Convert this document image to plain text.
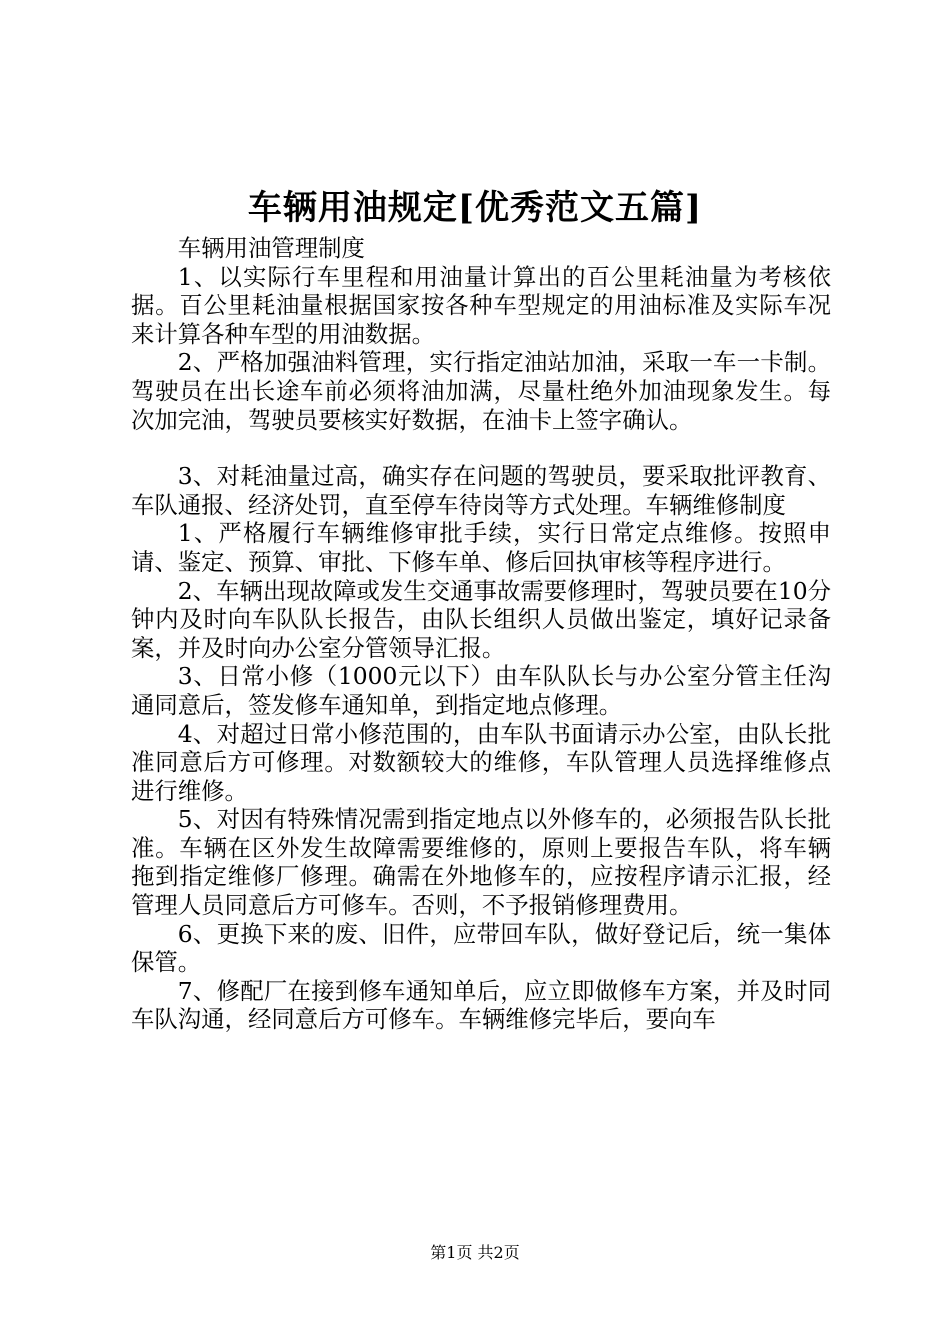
车辆用油规定[优秀范文五篇]

车辆用油管理制度

1、以实际行车里程和用油量计算出的百公里耗油量为考核依据。百公里耗油量根据国家按各种车型规定的用油标准及实际车况来计算各种车型的用油数据。

2、严格加强油料管理，实行指定油站加油，采取一车一卡制。驾驶员在出长途车前必须将油加满，尽量杜绝外加油现象发生。每次加完油，驾驶员要核实好数据，在油卡上签字确认。

3、对耗油量过高，确实存在问题的驾驶员，要采取批评教育、车队通报、经济处罚，直至停车待岗等方式处理。车辆维修制度

1、严格履行车辆维修审批手续，实行日常定点维修。按照申请、鉴定、预算、审批、下修车单、修后回执审核等程序进行。

2、车辆出现故障或发生交通事故需要修理时，驾驶员要在10分钟内及时向车队队长报告，由队长组织人员做出鉴定，填好记录备案，并及时向办公室分管领导汇报。

3、日常小修（1000元以下）由车队队长与办公室分管主任沟通同意后，签发修车通知单，到指定地点修理。

4、对超过日常小修范围的，由车队书面请示办公室，由队长批准同意后方可修理。对数额较大的维修，车队管理人员选择维修点进行维修。

5、对因有特殊情况需到指定地点以外修车的，必须报告队长批准。车辆在区外发生故障需要维修的，原则上要报告车队，将车辆拖到指定维修厂修理。确需在外地修车的，应按程序请示汇报，经管理人员同意后方可修车。否则，不予报销修理费用。

6、更换下来的废、旧件，应带回车队，做好登记后，统一集体保管。

7、修配厂在接到修车通知单后，应立即做修车方案，并及时同车队沟通，经同意后方可修车。车辆维修完毕后，要向车

第1页 共2页
